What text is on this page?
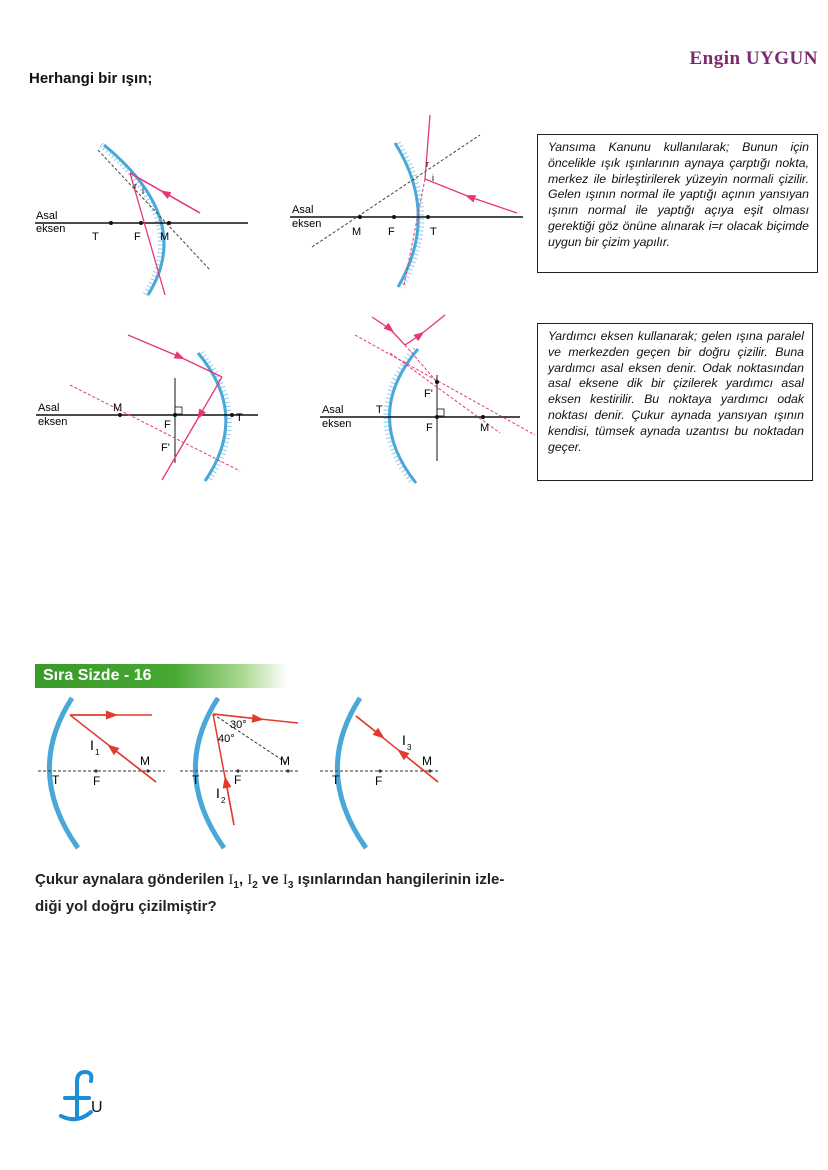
Engin UYGUN
Herhangi bir ışın;
Asal
eksen
T	F M
r i
Asal
eksen
M F	T
r
i
Asal
eksen
M
F
F'
T
Asal
eksen
T
F
F'
M
Yansıma Kanunu kullanılarak; Bunun için öncelikle ışık ışınlarının aynaya çarptığı nokta, merkez ile birleştirilerek yüzeyin normali çizilir. Gelen ışının normal ile yaptığı açının yansıyan ışının normal ile yaptığı açıya eşit olması gerektiği göz önüne alınarak i=r olacak biçimde uygun bir çizim yapılır.
Yardımcı eksen kullanarak; gelen ışına paralel ve merkezden geçen bir doğru çizilir. Buna yardımcı asal eksen denir. Odak noktasından asal eksene dik bir çizilerek yardımcı asal eksen kestirilir. Bu noktaya yardımcı odak noktası denir. Çukur aynada yansıyan ışının kendisi, tümsek aynada uzantısı bu noktadan geçer.
Sıra Sizde - 16
T	F
M
I 1
T	F
M
30°
40°
I 2
T	F
M
I 3
Çukur aynalara gönderilen $I_1$, $I_2$ ve $I_3$ ışınlarından hangilerinin izle-
diği yol doğru çizilmiştir?
U
